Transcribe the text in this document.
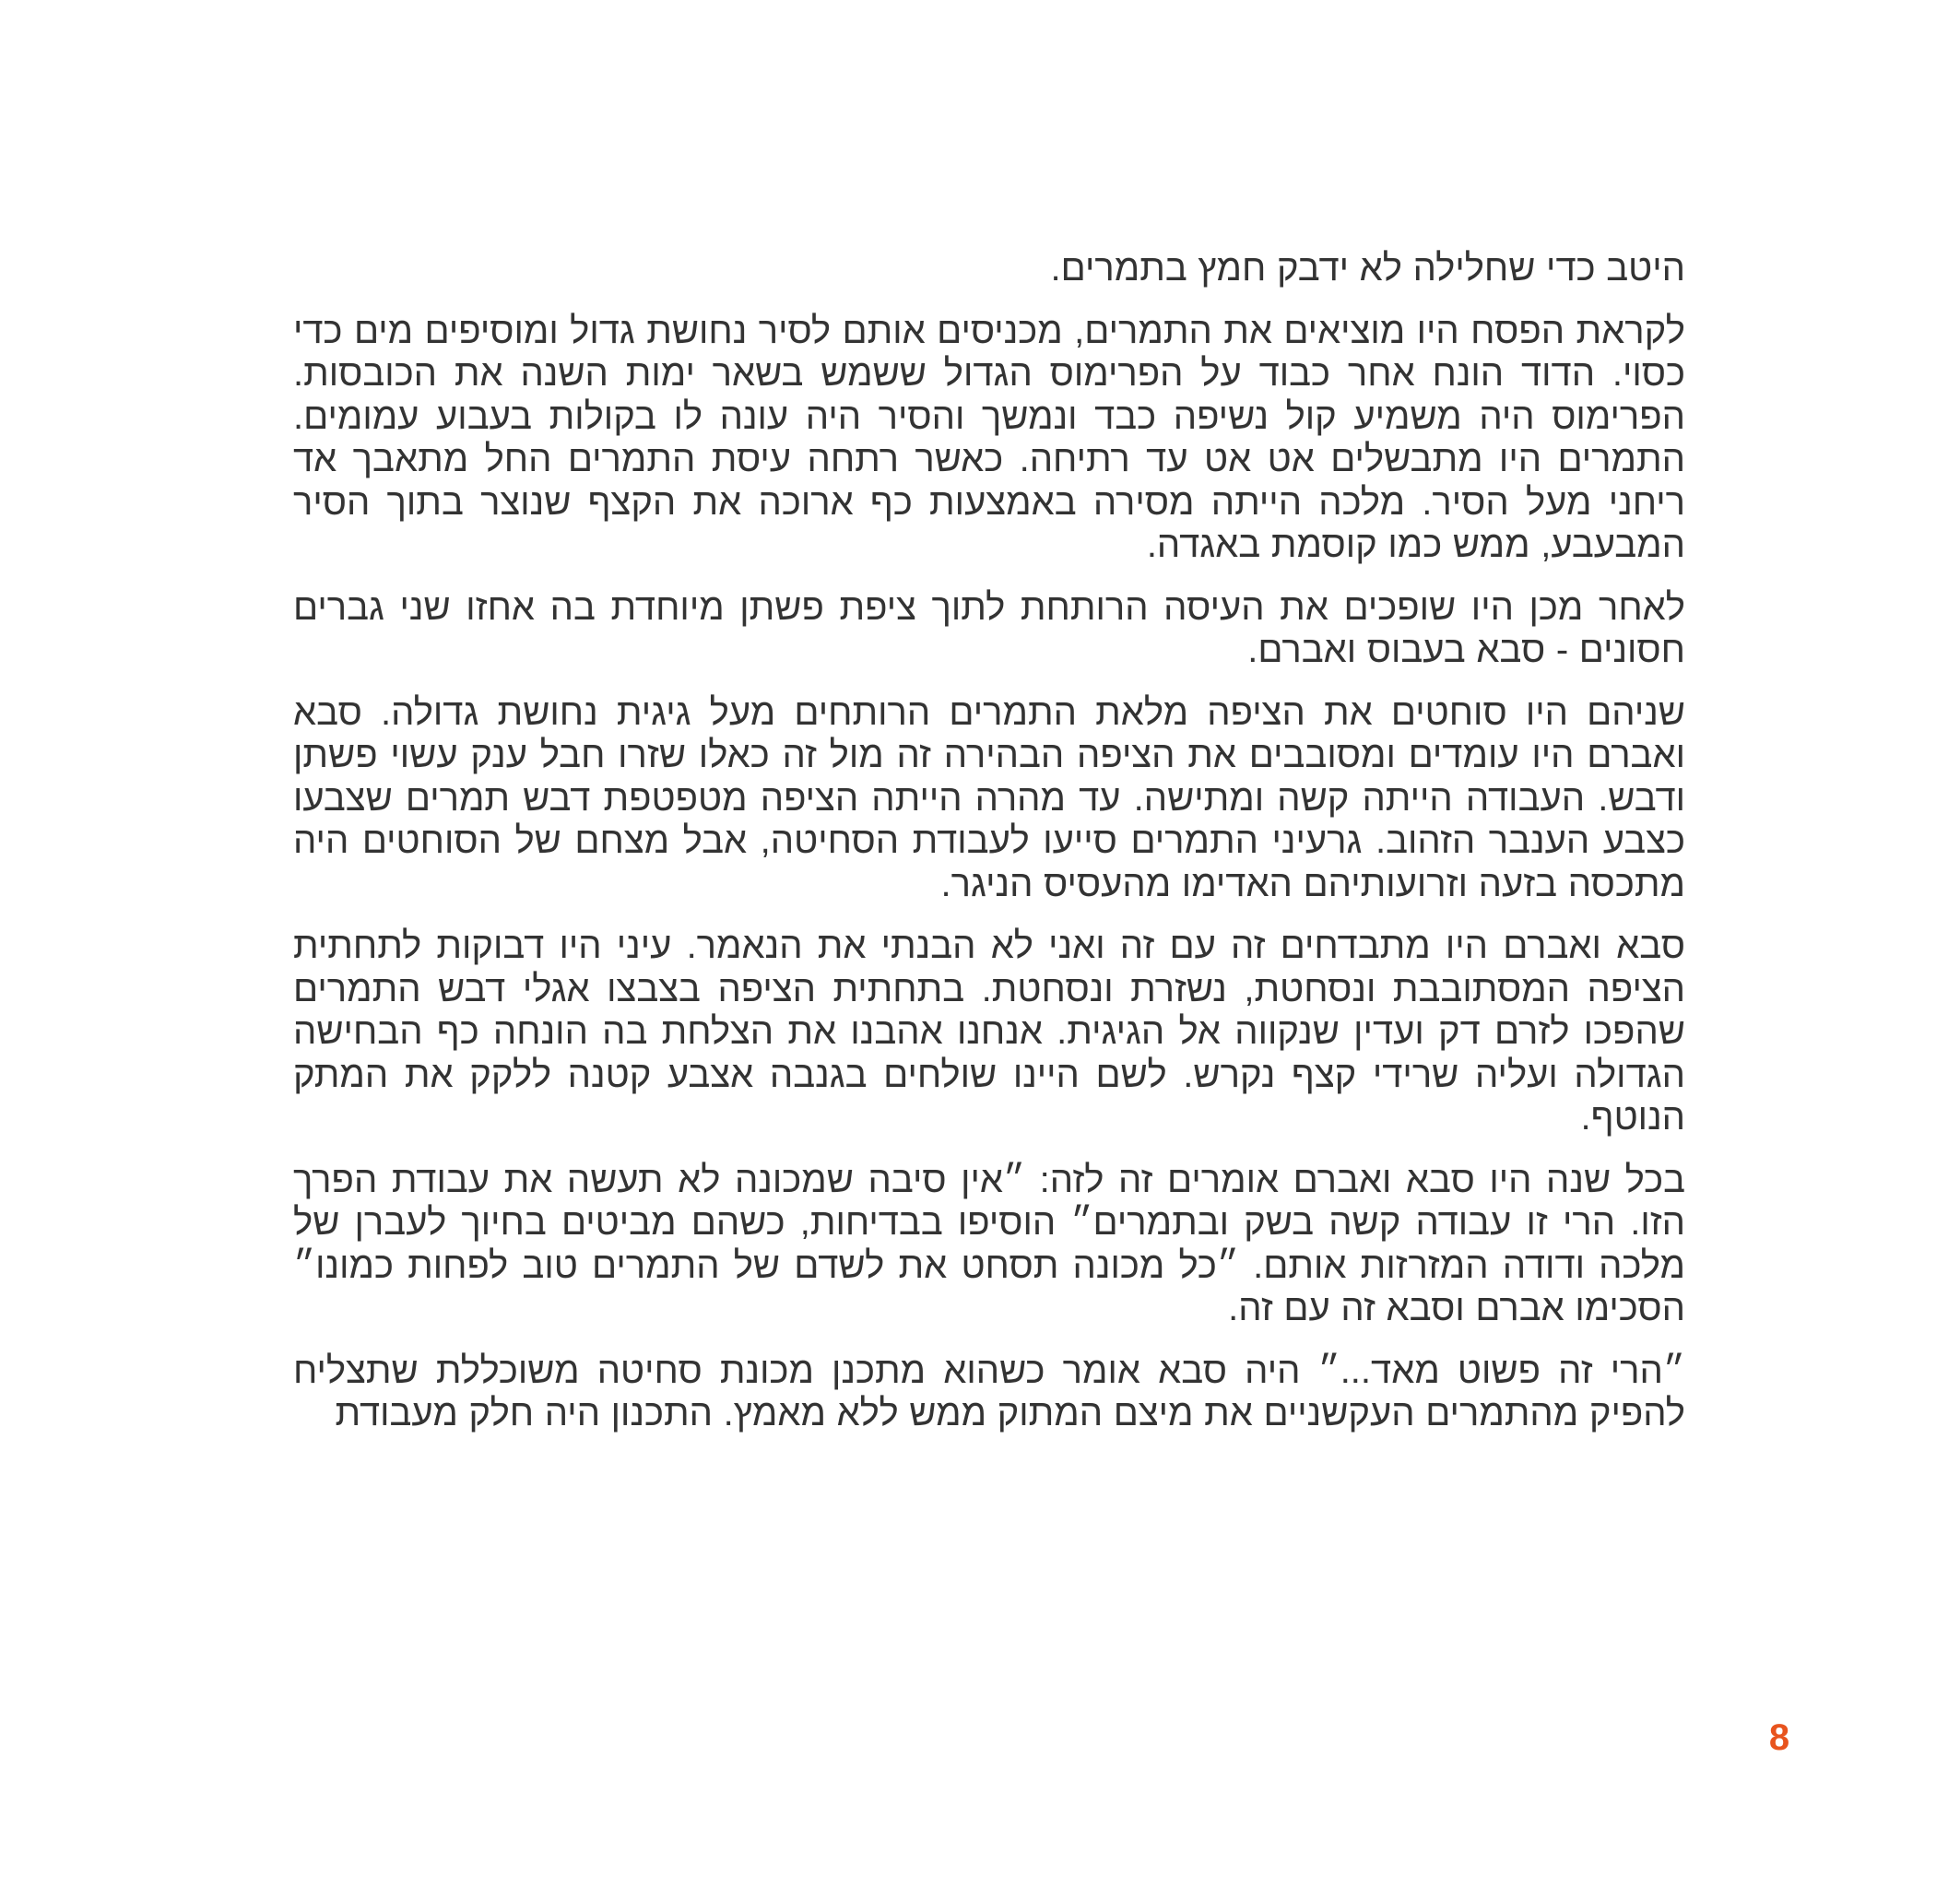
היטב כדי שחלילה לא ידבק חמץ בתמרים.

לקראת הפסח היו מוציאים את התמרים, מכניסים אותם לסיר נחושת גדול ומוסיפים מים כדי כסוי. הדוד הונח אחר כבוד על הפרימוס הגדול ששמש בשאר ימות השנה את הכובסות. הפרימוס היה משמיע קול נשיפה כבד ונמשך והסיר היה עונה לו בקולות בעבוע עמומים. התמרים היו מתבשלים אט אט עד רתיחה. כאשר רתחה עיסת התמרים החל מתאבך אד ריחני מעל הסיר. מלכה הייתה מסירה באמצעות כף ארוכה את הקצף שנוצר בתוך הסיר המבעבע, ממש כמו קוסמת באגדה.

לאחר מכן היו שופכים את העיסה הרותחת לתוך ציפת פשתן מיוחדת בה אחזו שני גברים חסונים - סבא בעבוס ואברם.

שניהם היו סוחטים את הציפה מלאת התמרים הרותחים מעל גיגית נחושת גדולה. סבא ואברם היו עומדים ומסובבים את הציפה הבהירה זה מול זה כאלו שזרו חבל ענק עשוי פשתן ודבש. העבודה הייתה קשה ומתישה. עד מהרה הייתה הציפה מטפטפת דבש תמרים שצבעו כצבע הענבר הזהוב. גרעיני התמרים סייעו לעבודת הסחיטה, אבל מצחם של הסוחטים היה מתכסה בזעה וזרועותיהם האדימו מהעסיס הניגר.

סבא ואברם היו מתבדחים זה עם זה ואני לא הבנתי את הנאמר. עיני היו דבוקות לתחתית הציפה המסתובבת ונסחטת, נשזרת ונסחטת. בתחתית הציפה בצבצו אגלי דבש התמרים שהפכו לזרם דק ועדין שנקווה אל הגיגית. אנחנו אהבנו את הצלחת בה הונחה כף הבחישה הגדולה ועליה שרידי קצף נקרש. לשם היינו שולחים בגנבה אצבע קטנה ללקק את המתק הנוטף.

בכל שנה היו סבא ואברם אומרים זה לזה: ״אין סיבה שמכונה לא תעשה את עבודת הפרך הזו. הרי זו עבודה קשה בשק ובתמרים״ הוסיפו בבדיחות, כשהם מביטים בחיוך לעברן של מלכה ודודה המזרזות אותם. ״כל מכונה תסחט את לשדם של התמרים טוב לפחות כמונו״ הסכימו אברם וסבא זה עם זה.

״הרי זה פשוט מאד...״ היה סבא אומר כשהוא מתכנן מכונת סחיטה משוכללת שתצליח להפיק מהתמרים העקשניים את מיצם המתוק ממש ללא מאמץ. התכנון היה חלק מעבודת

8
